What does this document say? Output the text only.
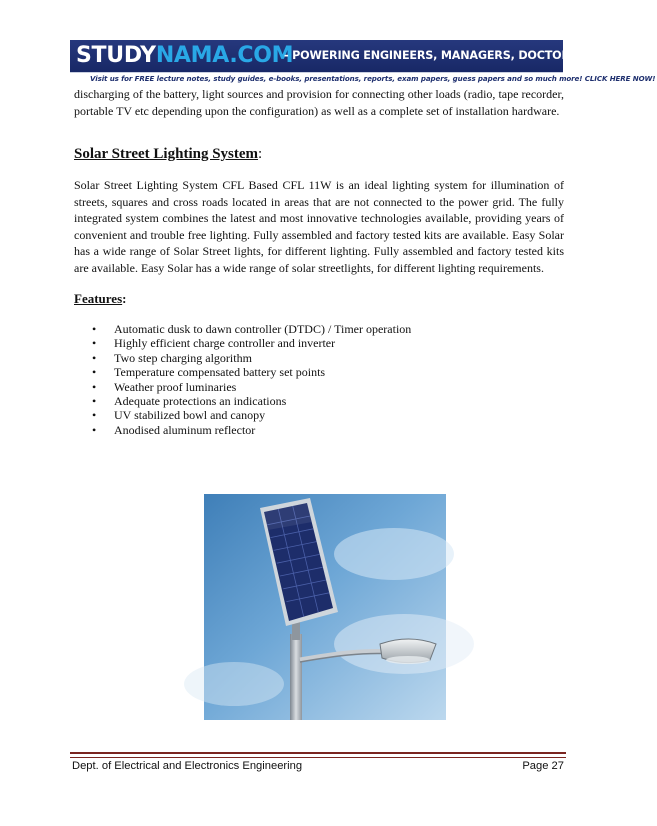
STUDYNAMA.COM
- POWERING ENGINEERS, MANAGERS, DOCTORS & LAWYERS.
Visit us for FREE lecture notes, study guides, e-books, presentations, reports, exam papers, guess papers and so much more! CLICK HERE NOW!

discharging of the battery, light sources and provision for connecting other loads (radio, tape recorder, portable TV etc depending upon the configuration) as well as a complete set of installation hardware.

Solar Street Lighting System:

Solar Street Lighting System CFL Based CFL 11W is an ideal lighting system for illumination of streets, squares and cross roads located in areas that are not connected to the power grid. The fully integrated system combines the latest and most innovative technologies available, providing years of convenient and trouble free lighting. Fully assembled and factory tested kits are available. Easy Solar has a wide range of Solar Street lights, for different lighting. Fully assembled and factory tested kits are available. Easy Solar has a wide range of solar streetlights, for different lighting requirements.

Features:
• Automatic dusk to dawn controller (DTDC) / Timer operation
• Highly efficient charge controller and inverter
• Two step charging algorithm
• Temperature compensated battery set points
• Weather proof luminaries
• Adequate protections an indications
• UV stabilized bowl and canopy
• Anodised aluminum reflector
Dept. of Electrical and Electronics Engineering	Page 27
